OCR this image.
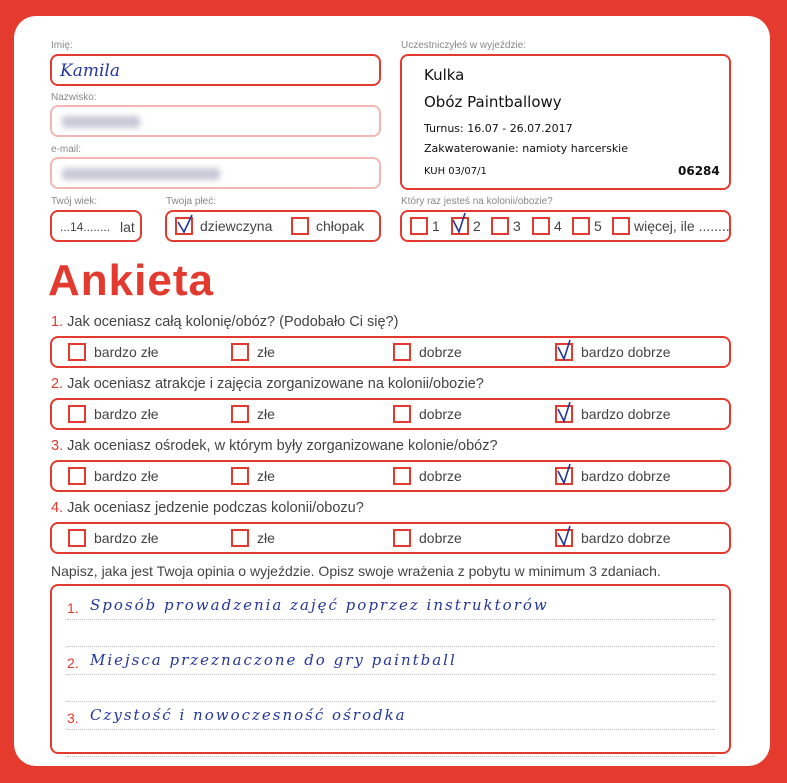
Imię:
Kamila
Nazwisko:
e-mail:
Twój wiek:
...14........ lat
Twoja płeć:
dziewczyna	chłopak
Uczestniczyłeś w wyjeździe:
Kulka
Obóz Paintballowy
Turnus: 16.07 - 26.07.2017
Zakwaterowanie: namioty harcerskie
KUH 03/07/1	06284
Który raz jesteś na kolonii/obozie?
1 2 3 4 5 więcej, ile ........
Ankieta
1. Jak oceniasz całą kolonię/obóz? (Podobało Ci się?)
bardzo złe	złe	dobrze	bardzo dobrze
2. Jak oceniasz atrakcje i zajęcia zorganizowane na kolonii/obozie?
bardzo złe	złe	dobrze	bardzo dobrze
3. Jak oceniasz ośrodek, w którym były zorganizowane kolonie/obóz?
bardzo złe	złe	dobrze	bardzo dobrze
4. Jak oceniasz jedzenie podczas kolonii/obozu?
bardzo złe	złe	dobrze	bardzo dobrze
Napisz, jaka jest Twoja opinia o wyjeździe. Opisz swoje wrażenia z pobytu w minimum 3 zdaniach.
1. Sposób prowadzenia zajęć poprzez instruktorów
2. Miejsca przeznaczone do gry paintball
3. Czystość i nowoczesność ośrodka
